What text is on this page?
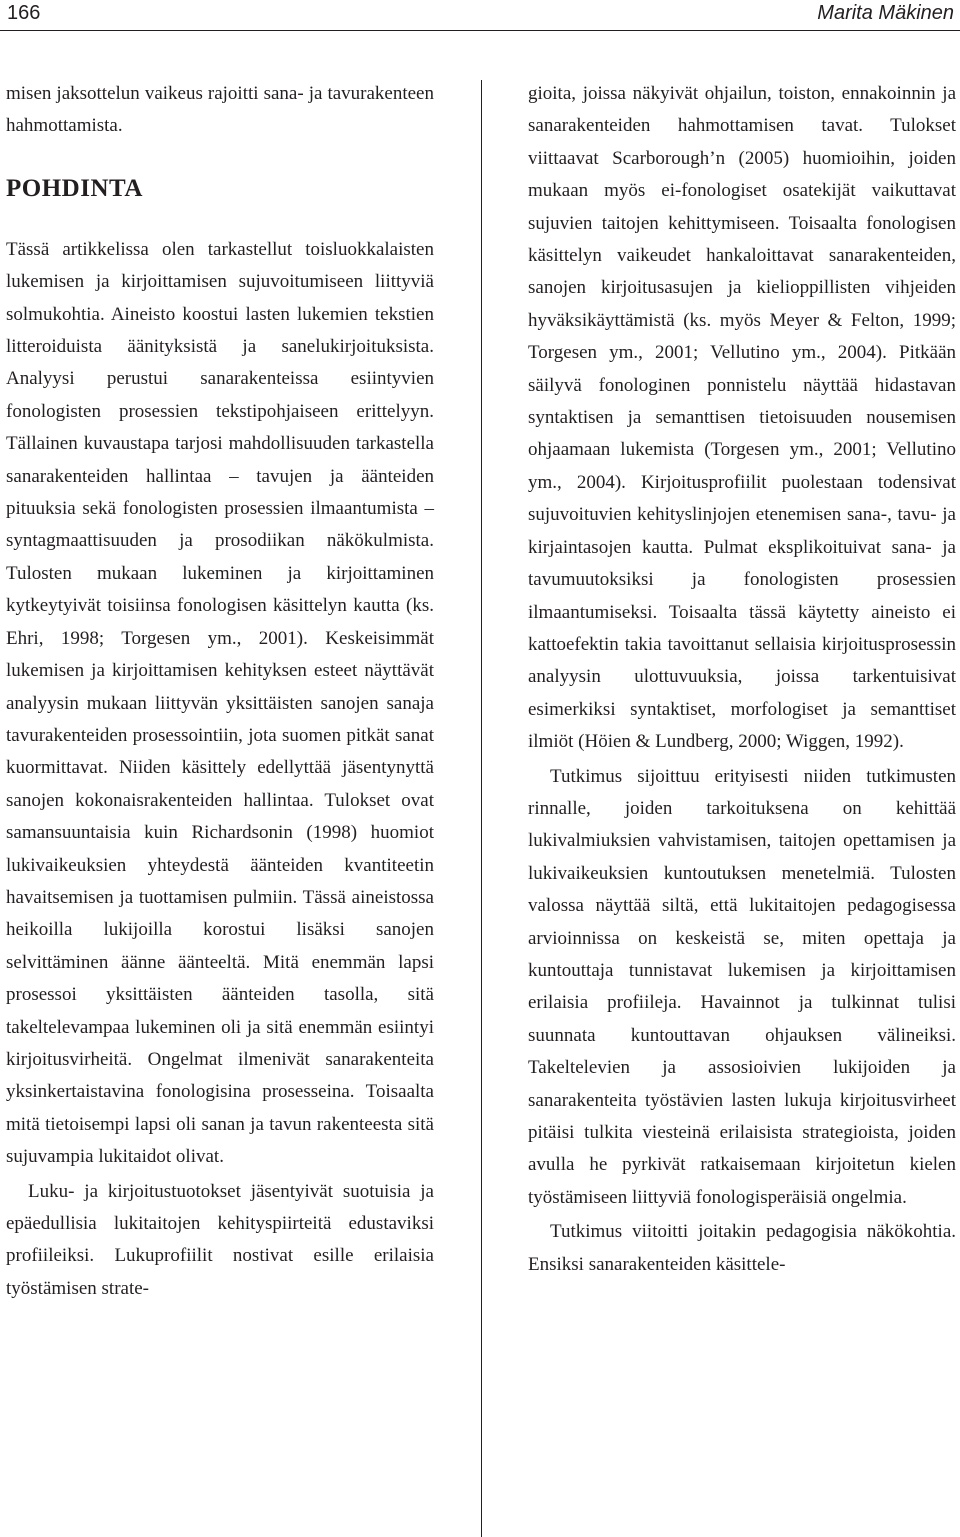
166	Marita Mäkinen

misen jaksottelun vaikeus rajoitti sana- ja tavurakenteen hahmottamista.

POHDINTA

Tässä artikkelissa olen tarkastellut toisluokkalaisten lukemisen ja kirjoittamisen sujuvoitumiseen liittyviä solmukohtia. Aineisto koostui lasten lukemien tekstien litteroiduista äänityksistä ja sanelukirjoituksista. Analyysi perustui sanarakenteissa esiintyvien fonologisten prosessien tekstipohjaiseen erittelyyn. Tällainen kuvaustapa tarjosi mahdollisuuden tarkastella sanarakenteiden hallintaa – tavujen ja äänteiden pituuksia sekä fonologisten prosessien ilmaantumista – syntagmaattisuuden ja prosodiikan näkökulmista. Tulosten mukaan lukeminen ja kirjoittaminen kytkeytyivät toisiinsa fonologisen käsittelyn kautta (ks. Ehri, 1998; Torgesen ym., 2001). Keskeisimmät lukemisen ja kirjoittamisen kehityksen esteet näyttävät analyysin mukaan liittyvän yksittäisten sanojen sanaja tavurakenteiden prosessointiin, jota suomen pitkät sanat kuormittavat. Niiden käsittely edellyttää jäsentynyttä sanojen kokonaisrakenteiden hallintaa. Tulokset ovat samansuuntaisia kuin Richardsonin (1998) huomiot lukivaikeuksien yhteydestä äänteiden kvantiteetin havaitsemisen ja tuottamisen pulmiin. Tässä aineistossa heikoilla lukijoilla korostui lisäksi sanojen selvittäminen äänne äänteeltä. Mitä enemmän lapsi prosessoi yksittäisten äänteiden tasolla, sitä takeltelevampaa lukeminen oli ja sitä enemmän esiintyi kirjoitusvirheitä. Ongelmat ilmenivät sanarakenteita yksinkertaistavina fonologisina prosesseina. Toisaalta mitä tietoisempi lapsi oli sanan ja tavun rakenteesta sitä sujuvampia lukitaidot olivat.

Luku- ja kirjoitustuotokset jäsentyivät suotuisia ja epäedullisia lukitaitojen kehityspiirteitä edustaviksi profiileiksi. Lukuprofiilit nostivat esille erilaisia työstämisen strate-

gioita, joissa näkyivät ohjailun, toiston, ennakoinnin ja sanarakenteiden hahmottamisen tavat. Tulokset viittaavat Scarborough’n (2005) huomioihin, joiden mukaan myös ei-fonologiset osatekijät vaikuttavat sujuvien taitojen kehittymiseen. Toisaalta fonologisen käsittelyn vaikeudet hankaloittavat sanarakenteiden, sanojen kirjoitusasujen ja kielioppillisten vihjeiden hyväksikäyttämistä (ks. myös Meyer & Felton, 1999; Torgesen ym., 2001; Vellutino ym., 2004). Pitkään säilyvä fonologinen ponnistelu näyttää hidastavan syntaktisen ja semanttisen tietoisuuden nousemisen ohjaamaan lukemista (Torgesen ym., 2001; Vellutino ym., 2004). Kirjoitusprofiilit puolestaan todensivat sujuvoituvien kehityslinjojen etenemisen sana-, tavu- ja kirjaintasojen kautta. Pulmat eksplikoituivat sana- ja tavumuutoksiksi ja fonologisten prosessien ilmaantumiseksi. Toisaalta tässä käytetty aineisto ei kattoefektin takia tavoittanut sellaisia kirjoitusprosessin analyysin ulottuvuuksia, joissa tarkentuisivat esimerkiksi syntaktiset, morfologiset ja semanttiset ilmiöt (Höien & Lundberg, 2000; Wiggen, 1992).

Tutkimus sijoittuu erityisesti niiden tutkimusten rinnalle, joiden tarkoituksena on kehittää lukivalmiuksien vahvistamisen, taitojen opettamisen ja lukivaikeuksien kuntoutuksen menetelmiä. Tulosten valossa näyttää siltä, että lukitaitojen pedagogisessa arvioinnissa on keskeistä se, miten opettaja ja kuntouttaja tunnistavat lukemisen ja kirjoittamisen erilaisia profiileja. Havainnot ja tulkinnat tulisi suunnata kuntouttavan ohjauksen välineiksi. Takeltelevien ja assosioivien lukijoiden ja sanarakenteita työstävien lasten lukuja kirjoitusvirheet pitäisi tulkita viesteinä erilaisista strategioista, joiden avulla he pyrkivät ratkaisemaan kirjoitetun kielen työstämiseen liittyviä fonologisperäisiä ongelmia.

Tutkimus viitoitti joitakin pedagogisia näkökohtia. Ensiksi sanarakenteiden käsittele-
